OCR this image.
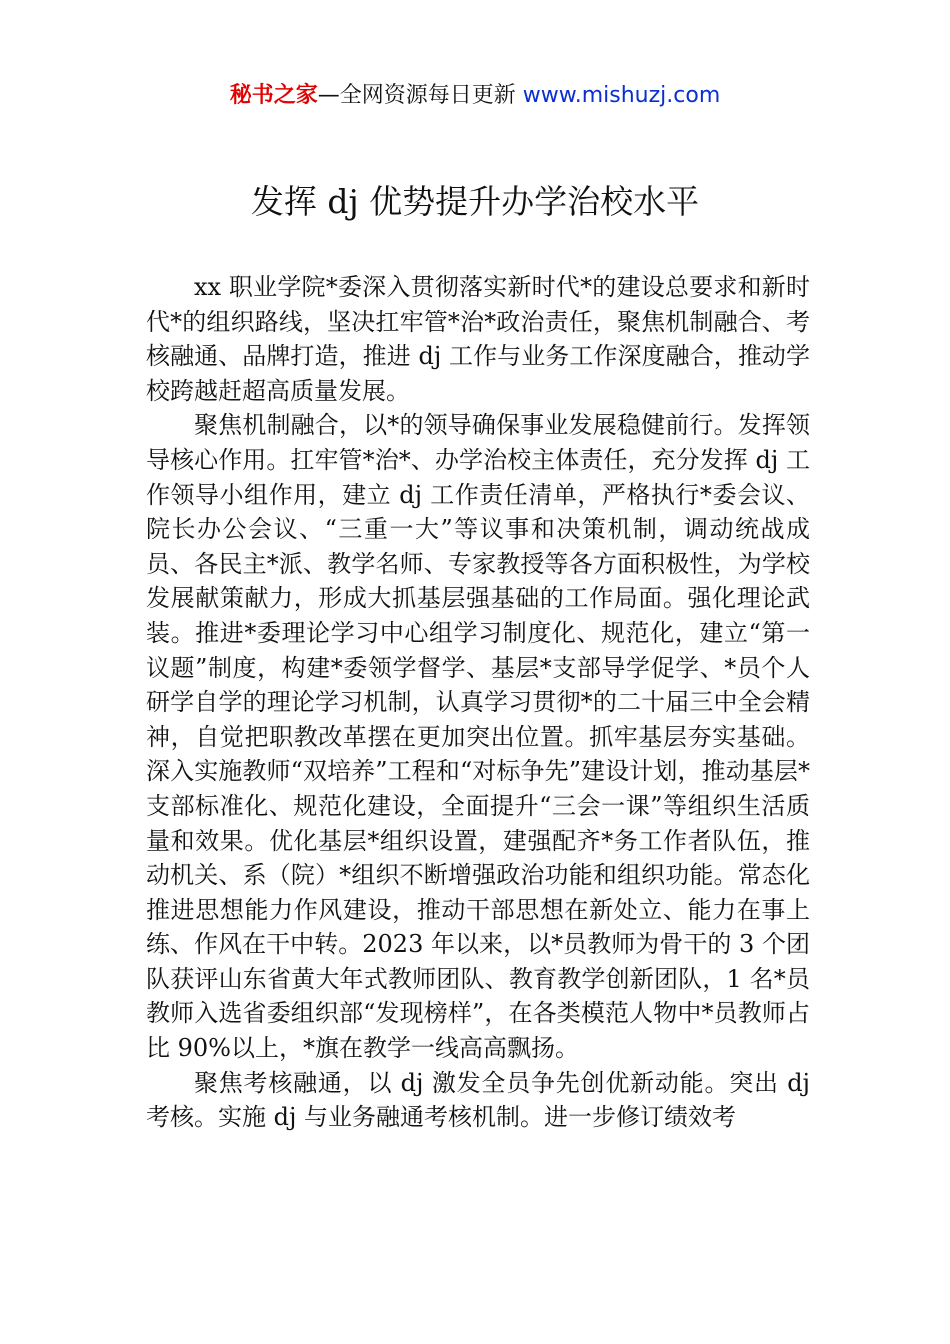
秘书之家—全网资源每日更新 www.mishuzj.com
发挥 dj 优势提升办学治校水平

xx 职业学院*委深入贯彻落实新时代*的建设总要求和新时代*的组织路线，坚决扛牢管*治*政治责任，聚焦机制融合、考核融通、品牌打造，推进 dj 工作与业务工作深度融合，推动学校跨越赶超高质量发展。

聚焦机制融合，以*的领导确保事业发展稳健前行。发挥领导核心作用。扛牢管*治*、办学治校主体责任，充分发挥 dj 工作领导小组作用，建立 dj 工作责任清单，严格执行*委会议、院长办公会议、“三重一大”等议事和决策机制，调动统战成员、各民主*派、教学名师、专家教授等各方面积极性，为学校发展献策献力，形成大抓基层强基础的工作局面。强化理论武装。推进*委理论学习中心组学习制度化、规范化，建立“第一议题”制度，构建*委领学督学、基层*支部导学促学、*员个人研学自学的理论学习机制，认真学习贯彻*的二十届三中全会精神，自觉把职教改革摆在更加突出位置。抓牢基层夯实基础。深入实施教师“双培养”工程和“对标争先”建设计划，推动基层*支部标准化、规范化建设，全面提升“三会一课”等组织生活质量和效果。优化基层*组织设置，建强配齐*务工作者队伍，推动机关、系（院）*组织不断增强政治功能和组织功能。常态化推进思想能力作风建设，推动干部思想在新处立、能力在事上练、作风在干中转。2023 年以来，以*员教师为骨干的 3 个团队获评山东省黄大年式教师团队、教育教学创新团队，1 名*员教师入选省委组织部“发现榜样”，在各类模范人物中*员教师占比 90%以上，*旗在教学一线高高飘扬。

聚焦考核融通，以 dj 激发全员争先创优新动能。突出 dj 考核。实施 dj 与业务融通考核机制。进一步修订绩效考
